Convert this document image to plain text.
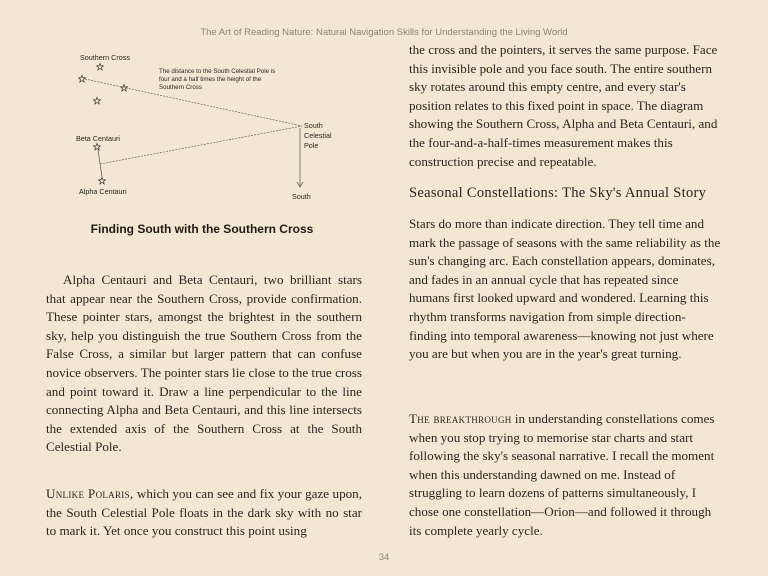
The Art of Reading Nature: Natural Navigation Skills for Understanding the Living World
Southern Cross
The distance to the South Celestial Pole is
four and a half times the height of the
Southern Cross
South
Celestial
Pole
Beta Centauri
Alpha Centauri
South
Finding South with the Southern Cross

Alpha Centauri and Beta Centauri, two brilliant stars that appear near the Southern Cross, provide confirmation. These pointer stars, amongst the brightest in the southern sky, help you distinguish the true Southern Cross from the False Cross, a similar but larger pattern that can confuse novice observers. The pointer stars lie close to the true cross and point toward it. Draw a line perpendicular to the line connecting Alpha and Beta Centauri, and this line intersects the extended axis of the Southern Cross at the South Celestial Pole.

Unlike Polaris, which you can see and fix your gaze upon, the South Celestial Pole floats in the dark sky with no star to mark it. Yet once you construct this point using

the cross and the pointers, it serves the same purpose. Face this invisible pole and you face south. The entire southern sky rotates around this empty centre, and every star's position relates to this fixed point in space. The diagram showing the Southern Cross, Alpha and Beta Centauri, and the four-and-a-half-times measurement makes this construction precise and repeatable.

Seasonal Constellations: The Sky's Annual Story

Stars do more than indicate direction. They tell time and mark the passage of seasons with the same reliability as the sun's changing arc. Each constellation appears, dominates, and fades in an annual cycle that has repeated since humans first looked upward and wondered. Learning this rhythm transforms navigation from simple direction-finding into temporal awareness—knowing not just where you are but when you are in the year's great turning.

The breakthrough in understanding constellations comes when you stop trying to memorise star charts and start following the sky's seasonal narrative. I recall the moment when this understanding dawned on me. Instead of struggling to learn dozens of patterns simultaneously, I chose one constellation—Orion—and followed it through its complete yearly cycle.

34
